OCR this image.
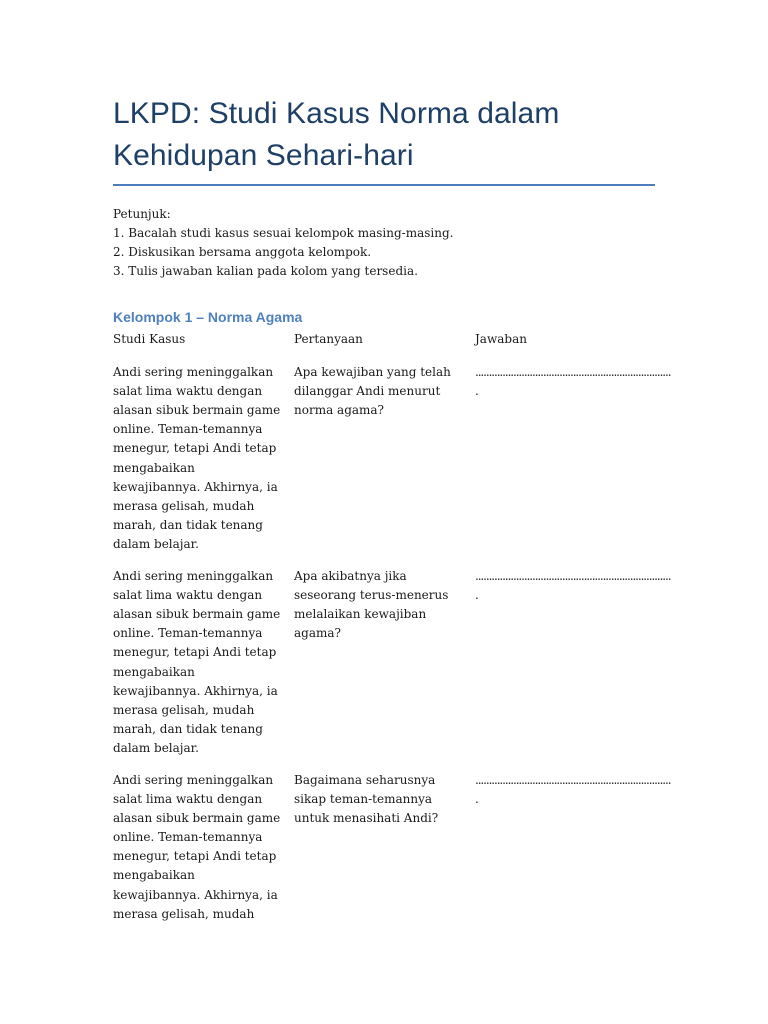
LKPD: Studi Kasus Norma dalam Kehidupan Sehari-hari
Petunjuk:
1. Bacalah studi kasus sesuai kelompok masing-masing.
2. Diskusikan bersama anggota kelompok.
3. Tulis jawaban kalian pada kolom yang tersedia.
Kelompok 1 – Norma Agama
Studi Kasus	Pertanyaan	Jawaban
Andi sering meninggalkan salat lima waktu dengan alasan sibuk bermain game online. Teman-temannya menegur, tetapi Andi tetap mengabaikan kewajibannya. Akhirnya, ia merasa gelisah, mudah marah, dan tidak tenang dalam belajar.
Apa kewajiban yang telah dilanggar Andi menurut norma agama?
........................................................................
.
Andi sering meninggalkan salat lima waktu dengan alasan sibuk bermain game online. Teman-temannya menegur, tetapi Andi tetap mengabaikan kewajibannya. Akhirnya, ia merasa gelisah, mudah marah, dan tidak tenang dalam belajar.
Apa akibatnya jika seseorang terus-menerus melalaikan kewajiban agama?
........................................................................
.
Andi sering meninggalkan salat lima waktu dengan alasan sibuk bermain game online. Teman-temannya menegur, tetapi Andi tetap mengabaikan kewajibannya. Akhirnya, ia merasa gelisah, mudah
Bagaimana seharusnya sikap teman-temannya untuk menasihati Andi?
........................................................................
.
